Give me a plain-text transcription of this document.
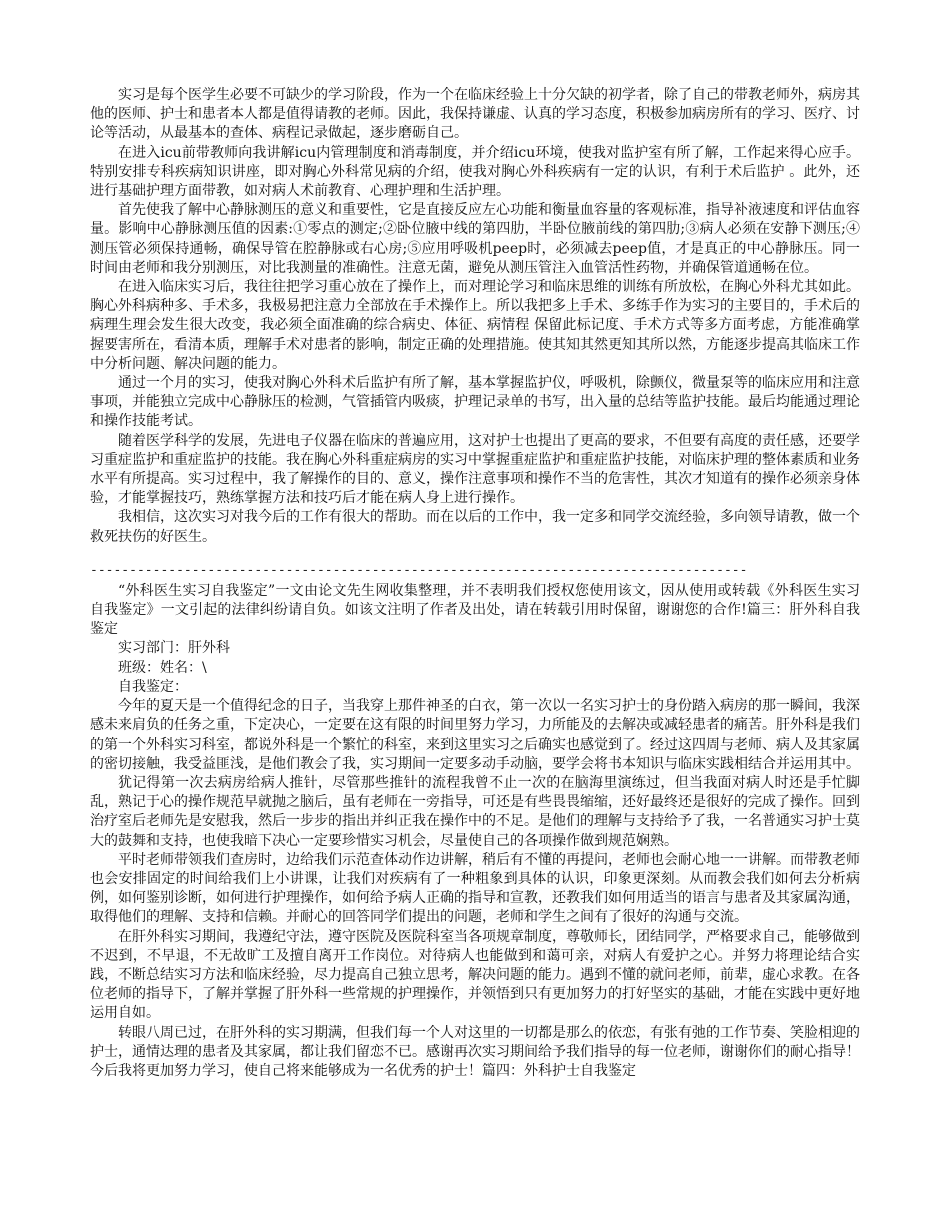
实习是每个医学生必要不可缺少的学习阶段，作为一个在临床经验上十分欠缺的初学者，除了自己的带教老师外，病房其他的医师、护士和患者本人都是值得请教的老师。因此，我保持谦虚、认真的学习态度，积极参加病房所有的学习、医疗、讨论等活动，从最基本的查体、病程记录做起，逐步磨砺自己。

在进入icu前带教师向我讲解icu内管理制度和消毒制度，并介绍icu环境，使我对监护室有所了解，工作起来得心应手。特别安排专科疾病知识讲座，即对胸心外科常见病的介绍，使我对胸心外科疾病有一定的认识，有利于术后监护 。此外，还进行基础护理方面带教，如对病人术前教育、心理护理和生活护理。

首先使我了解中心静脉测压的意义和重要性，它是直接反应左心功能和衡量血容量的客观标准，指导补液速度和评估血容量。影响中心静脉测压值的因素:①零点的测定;②卧位腋中线的第四肋，半卧位腋前线的第四肋;③病人必须在安静下测压;④测压管必须保持通畅，确保导管在腔静脉或右心房;⑤应用呼吸机peep时，必须减去peep值，才是真正的中心静脉压。同一时间由老师和我分别测压，对比我测量的准确性。注意无菌，避免从测压管注入血管活性药物，并确保管道通畅在位。

在进入临床实习后，我往往把学习重心放在了操作上，而对理论学习和临床思维的训练有所放松，在胸心外科尤其如此。胸心外科病种多、手术多，我极易把注意力全部放在手术操作上。所以我把多上手术、多练手作为实习的主要目的，手术后的病理生理会发生很大改变，我必须全面准确的综合病史、体征、病情程 保留此标记度、手术方式等多方面考虑，方能准确掌握要害所在，看清本质，理解手术对患者的影响，制定正确的处理措施。使其知其然更知其所以然，方能逐步提高其临床工作中分析问题、解决问题的能力。

通过一个月的实习，使我对胸心外科术后监护有所了解，基本掌握监护仪，呼吸机，除颤仪，微量泵等的临床应用和注意事项，并能独立完成中心静脉压的检测，气管插管内吸痰，护理记录单的书写，出入量的总结等监护技能。最后均能通过理论和操作技能考试。

随着医学科学的发展，先进电子仪器在临床的普遍应用，这对护士也提出了更高的要求，不但要有高度的责任感，还要学习重症监护和重症监护的技能。我在胸心外科重症病房的实习中掌握重症监护和重症监护技能，对临床护理的整体素质和业务水平有所提高。实习过程中，我了解操作的目的、意义，操作注意事项和操作不当的危害性，其次才知道有的操作必须亲身体验，才能掌握技巧，熟练掌握方法和技巧后才能在病人身上进行操作。

我相信，这次实习对我今后的工作有很大的帮助。而在以后的工作中，我一定多和同学交流经验，多向领导请教，做一个救死扶伤的好医生。

------------------------------------------------------------------------------------

“外科医生实习自我鉴定”一文由论文先生网收集整理，并不表明我们授权您使用该文，因从使用或转载《外科医生实习自我鉴定》一文引起的法律纠纷请自负。如该文注明了作者及出处，请在转载引用时保留，谢谢您的合作!篇三：肝外科自我鉴定

实习部门：肝外科

班级：姓名：\

自我鉴定：

今年的夏天是一个值得纪念的日子，当我穿上那件神圣的白衣，第一次以一名实习护士的身份踏入病房的那一瞬间，我深感未来肩负的任务之重，下定决心，一定要在这有限的时间里努力学习，力所能及的去解决或减轻患者的痛苦。肝外科是我们的第一个外科实习科室，都说外科是一个繁忙的科室，来到这里实习之后确实也感觉到了。经过这四周与老师、病人及其家属的密切接触，我受益匪浅，是他们教会了我，实习期间一定要多动手动脑，要学会将书本知识与临床实践相结合并运用其中。

犹记得第一次去病房给病人推针，尽管那些推针的流程我曾不止一次的在脑海里演练过，但当我面对病人时还是手忙脚乱，熟记于心的操作规范早就抛之脑后，虽有老师在一旁指导，可还是有些畏畏缩缩，还好最终还是很好的完成了操作。回到治疗室后老师先是安慰我，然后一步步的指出并纠正我在操作中的不足。是他们的理解与支持给予了我，一名普通实习护士莫大的鼓舞和支持，也使我暗下决心一定要珍惜实习机会，尽量使自己的各项操作做到规范娴熟。

平时老师带领我们查房时，边给我们示范查体动作边讲解，稍后有不懂的再提问，老师也会耐心地一一讲解。而带教老师也会安排固定的时间给我们上小讲课，让我们对疾病有了一种粗象到具体的认识，印象更深刻。从而教会我们如何去分析病例，如何鉴别诊断，如何进行护理操作，如何给予病人正确的指导和宣教，还教我们如何用适当的语言与患者及其家属沟通，取得他们的理解、支持和信赖。并耐心的回答同学们提出的问题，老师和学生之间有了很好的沟通与交流。

在肝外科实习期间，我遵纪守法，遵守医院及医院科室当各项规章制度，尊敬师长，团结同学，严格要求自己，能够做到不迟到，不早退，不无故旷工及擅自离开工作岗位。对待病人也能做到和蔼可亲，对病人有爱护之心。并努力将理论结合实践，不断总结实习方法和临床经验，尽力提高自己独立思考，解决问题的能力。遇到不懂的就问老师，前辈，虚心求教。在各位老师的指导下，了解并掌握了肝外科一些常规的护理操作，并领悟到只有更加努力的打好坚实的基础，才能在实践中更好地运用自如。

转眼八周已过，在肝外科的实习期满，但我们每一个人对这里的一切都是那么的依恋，有张有弛的工作节奏、笑脸相迎的护士，通情达理的患者及其家属，都让我们留恋不已。感谢再次实习期间给予我们指导的每一位老师，谢谢你们的耐心指导！今后我将更加努力学习，使自己将来能够成为一名优秀的护士！篇四：外科护士自我鉴定
